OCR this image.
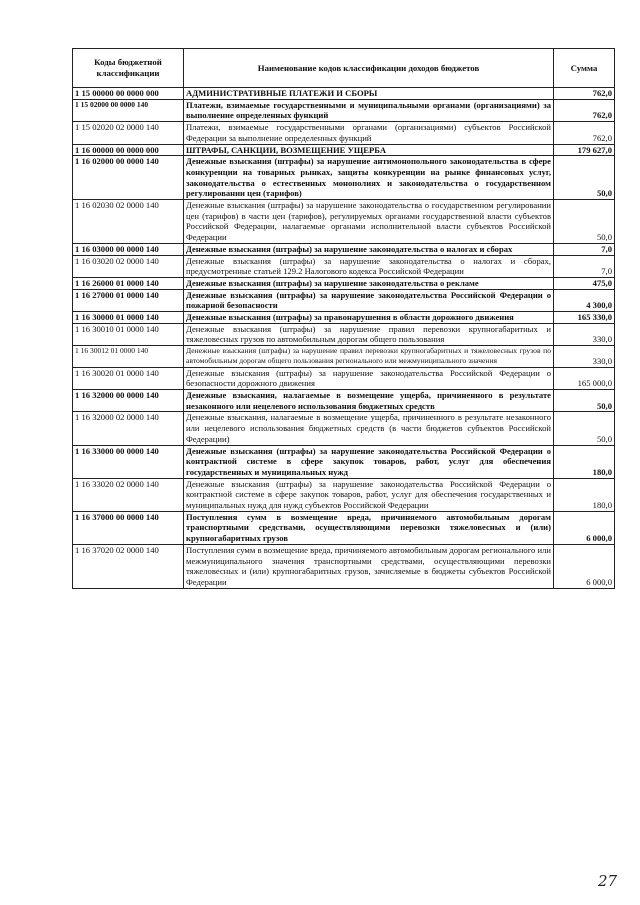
Коды бюджетной классификации	Наименование кодов классификации доходов бюджетов	Сумма
1 15 00000 00 0000 000	АДМИНИСТРАТИВНЫЕ ПЛАТЕЖИ И СБОРЫ	762,0
1 15 02000 00 0000 140	Платежи, взимаемые государственными и муниципальными органами (организациями) за выполнение определенных функций	762,0
1 15 02020 02 0000 140	Платежи, взимаемые государственными органами (организациями) субъектов Российской Федерации за выполнение определенных функций	762,0
1 16 00000 00 0000 000	ШТРАФЫ, САНКЦИИ, ВОЗМЕЩЕНИЕ УЩЕРБА	179 627,0
1 16 02000 00 0000 140	Денежные взыскания (штрафы) за нарушение антимонопольного законодательства в сфере конкуренции на товарных рынках, защиты конкуренции на рынке финансовых услуг, законодательства о естественных монополиях и законодательства о государственном регулировании цен (тарифов)	50,0
1 16 02030 02 0000 140	Денежные взыскания (штрафы) за нарушение законодательства о государственном регулировании цен (тарифов) в части цен (тарифов), регулируемых органами государственной власти субъектов Российской Федерации, налагаемые органами исполнительной власти субъектов Российской Федерации	50,0
1 16 03000 00 0000 140	Денежные взыскания (штрафы) за нарушение законодательства о налогах и сборах	7,0
1 16 03020 02 0000 140	Денежные взыскания (штрафы) за нарушение законодательства о налогах и сборах, предусмотренные статьей 129.2 Налогового кодекса Российской Федерации	7,0
1 16 26000 01 0000 140	Денежные взыскания (штрафы) за нарушение законодательства о рекламе	475,0
1 16 27000 01 0000 140	Денежные взыскания (штрафы) за нарушение законодательства Российской Федерации о пожарной безопасности	4 300,0
1 16 30000 01 0000 140	Денежные взыскания (штрафы) за правонарушения в области дорожного движения	165 330,0
1 16 30010 01 0000 140	Денежные взыскания (штрафы) за нарушение правил перевозки крупногабаритных и тяжеловесных грузов по автомобильным дорогам общего пользования	330,0
1 16 30012 01 0000 140	Денежные взыскания (штрафы) за нарушение правил перевозки крупногабаритных и тяжеловесных грузов по автомобильным дорогам общего пользования регионального или межмуниципального значения	330,0
1 16 30020 01 0000 140	Денежные взыскания (штрафы) за нарушение законодательства Российской Федерации о безопасности дорожного движения	165 000,0
1 16 32000 00 0000 140	Денежные взыскания, налагаемые в возмещение ущерба, причиненного в результате незаконного или нецелевого использования бюджетных средств	50,0
1 16 32000 02 0000 140	Денежные взыскания, налагаемые в возмещение ущерба, причиненного в результате незаконного или нецелевого использования бюджетных средств (в части бюджетов субъектов Российской Федерации)	50,0
1 16 33000 00 0000 140	Денежные взыскания (штрафы) за нарушение законодательства Российской Федерации о контрактной системе в сфере закупок товаров, работ, услуг для обеспечения государственных и муниципальных нужд	180,0
1 16 33020 02 0000 140	Денежные взыскания (штрафы) за нарушение законодательства Российской Федерации о контрактной системе в сфере закупок товаров, работ, услуг для обеспечения государственных и муниципальных нужд для нужд субъектов Российской Федерации	180,0
1 16 37000 00 0000 140	Поступления сумм в возмещение вреда, причиняемого автомобильным дорогам транспортными средствами, осуществляющими перевозки тяжеловесных и (или) крупногабаритных грузов	6 000,0
1 16 37020 02 0000 140	Поступления сумм в возмещение вреда, причиняемого автомобильным дорогам регионального или межмуниципального значения транспортными средствами, осуществляющими перевозки тяжеловесных и (или) крупногабаритных грузов, зачисляемые в бюджеты субъектов Российской Федерации	6 000,0
27
